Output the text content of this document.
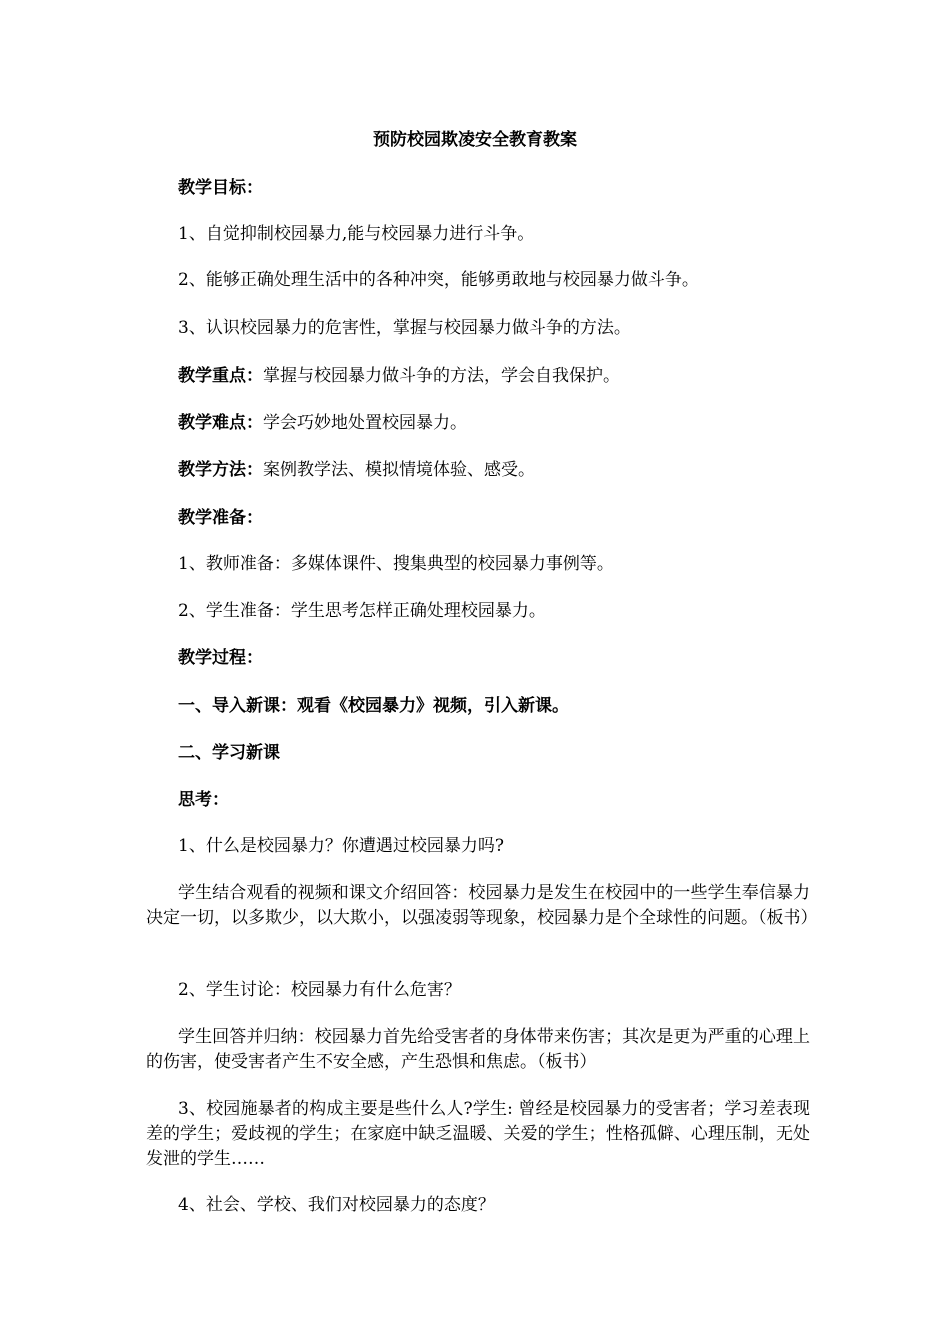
预防校园欺凌安全教育教案
教学目标：
1、自觉抑制校园暴力,能与校园暴力进行斗争。
2、能够正确处理生活中的各种冲突，能够勇敢地与校园暴力做斗争。
3、认识校园暴力的危害性，掌握与校园暴力做斗争的方法。
教学重点：掌握与校园暴力做斗争的方法，学会自我保护。
教学难点：学会巧妙地处置校园暴力。
教学方法：案例教学法、模拟情境体验、感受。
教学准备：
1、教师准备：多媒体课件、搜集典型的校园暴力事例等。
2、学生准备：学生思考怎样正确处理校园暴力。
教学过程：
一、导入新课：观看《校园暴力》视频，引入新课。
二、学习新课
思考：
1、什么是校园暴力？你遭遇过校园暴力吗?
学生结合观看的视频和课文介绍回答：校园暴力是发生在校园中的一些学生奉信暴力决定一切，以多欺少，以大欺小，以强凌弱等现象，校园暴力是个全球性的问题。（板书）
2、学生讨论：校园暴力有什么危害？
学生回答并归纳：校园暴力首先给受害者的身体带来伤害；其次是更为严重的心理上的伤害，使受害者产生不安全感，产生恐惧和焦虑。（板书）
3、校园施暴者的构成主要是些什么人?学生: 曾经是校园暴力的受害者；学习差表现差的学生；爱歧视的学生；在家庭中缺乏温暖、关爱的学生；性格孤僻、心理压制，无处发泄的学生……
4、社会、学校、我们对校园暴力的态度？
